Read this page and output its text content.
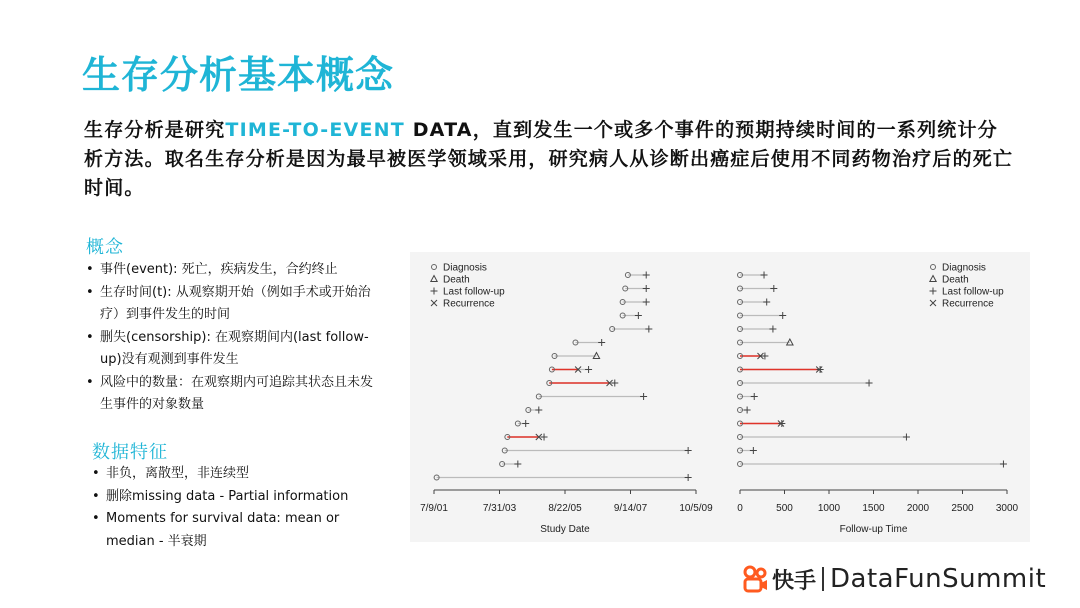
生存分析基本概念
生存分析是研究TIME-TO-EVENT DATA，直到发生一个或多个事件的预期持续时间的一系列统计分析方法。取名生存分析是因为最早被医学领域采用，研究病人从诊断出癌症后使用不同药物治疗后的死亡时间。
概念
• 事件(event): 死亡，疾病发生，合约终止
• 生存时间(t): 从观察期开始（例如手术或开始治疗）到事件发生的时间
• 删失(censorship): 在观察期间内(last follow-up)没有观测到事件发生
• 风险中的数量：在观察期内可追踪其状态且未发生事件的对象数量
数据特征
• 非负，离散型，非连续型
• 删除missing data - Partial information
• Moments for survival data: mean or median - 半衰期
7/9/01	7/31/03	8/22/05	9/14/07	10/5/09
Study Date
Diagnosis
Death
Last follow-up
Recurrence
0	500	1000 1500 2000 2500 3000
Follow-up Time
Diagnosis
Death
Last follow-up
Recurrence
快手 DataFunSummit
